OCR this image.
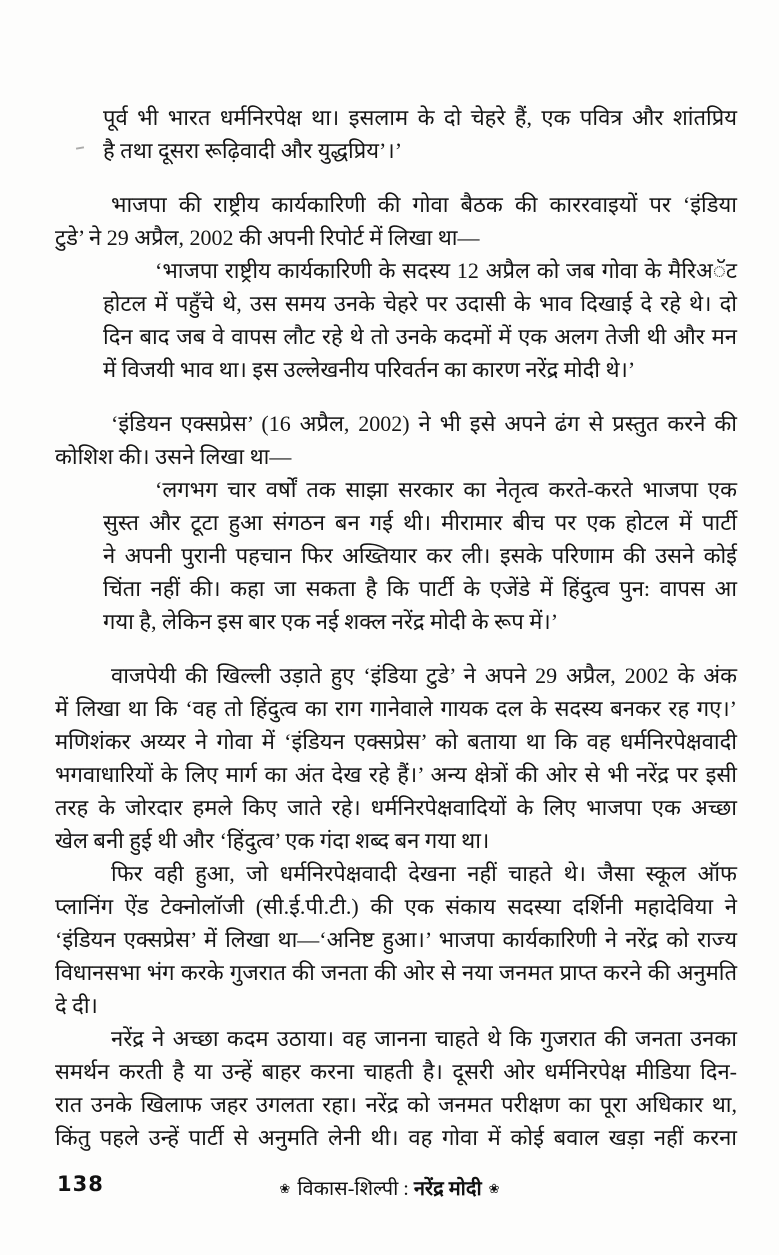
पूर्व भी भारत धर्मनिरपेक्ष था। इसलाम के दो चेहरे हैं, एक पवित्र और शांतप्रिय
है तथा दूसरा रूढ़िवादी और युद्धप्रिय’।’
भाजपा की राष्ट्रीय कार्यकारिणी की गोवा बैठक की काररवाइयों पर ‘इंडिया
टुडे’ ने 29 अप्रैल, 2002 की अपनी रिपोर्ट में लिखा था—
‘भाजपा राष्ट्रीय कार्यकारिणी के सदस्य 12 अप्रैल को जब गोवा के मैरिअॅट
होटल में पहुँचे थे, उस समय उनके चेहरे पर उदासी के भाव दिखाई दे रहे थे। दो
दिन बाद जब वे वापस लौट रहे थे तो उनके कदमों में एक अलग तेजी थी और मन
में विजयी भाव था। इस उल्लेखनीय परिवर्तन का कारण नरेंद्र मोदी थे।’
‘इंडियन एक्सप्रेस’ (16 अप्रैल, 2002) ने भी इसे अपने ढंग से प्रस्तुत करने की
कोशिश की। उसने लिखा था—
‘लगभग चार वर्षों तक साझा सरकार का नेतृत्व करते-करते भाजपा एक
सुस्त और टूटा हुआ संगठन बन गई थी। मीरामार बीच पर एक होटल में पार्टी
ने अपनी पुरानी पहचान फिर अख्तियार कर ली। इसके परिणाम की उसने कोई
चिंता नहीं की। कहा जा सकता है कि पार्टी के एजेंडे में हिंदुत्व पुन: वापस आ
गया है, लेकिन इस बार एक नई शक्ल नरेंद्र मोदी के रूप में।’
वाजपेयी की खिल्ली उड़ाते हुए ‘इंडिया टुडे’ ने अपने 29 अप्रैल, 2002 के अंक
में लिखा था कि ‘वह तो हिंदुत्व का राग गानेवाले गायक दल के सदस्य बनकर रह गए।’
मणिशंकर अय्यर ने गोवा में ‘इंडियन एक्सप्रेस’ को बताया था कि वह धर्मनिरपेक्षवादी
भगवाधारियों के लिए मार्ग का अंत देख रहे हैं।’ अन्य क्षेत्रों की ओर से भी नरेंद्र पर इसी
तरह के जोरदार हमले किए जाते रहे। धर्मनिरपेक्षवादियों के लिए भाजपा एक अच्छा
खेल बनी हुई थी और ‘हिंदुत्व’ एक गंदा शब्द बन गया था।
फिर वही हुआ, जो धर्मनिरपेक्षवादी देखना नहीं चाहते थे। जैसा स्कूल ऑफ
प्लानिंग ऐंड टेक्नोलॉजी (सी.ई.पी.टी.) की एक संकाय सदस्या दर्शिनी महादेविया ने
‘इंडियन एक्सप्रेस’ में लिखा था—‘अनिष्ट हुआ।’ भाजपा कार्यकारिणी ने नरेंद्र को राज्य
विधानसभा भंग करके गुजरात की जनता की ओर से नया जनमत प्राप्त करने की अनुमति
दे दी।
नरेंद्र ने अच्छा कदम उठाया। वह जानना चाहते थे कि गुजरात की जनता उनका
समर्थन करती है या उन्हें बाहर करना चाहती है। दूसरी ओर धर्मनिरपेक्ष मीडिया दिन-
रात उनके खिलाफ जहर उगलता रहा। नरेंद्र को जनमत परीक्षण का पूरा अधिकार था,
किंतु पहले उन्हें पार्टी से अनुमति लेनी थी। वह गोवा में कोई बवाल खड़ा नहीं करना
138	❀ विकास-शिल्पी : नरेंद्र मोदी ❀
